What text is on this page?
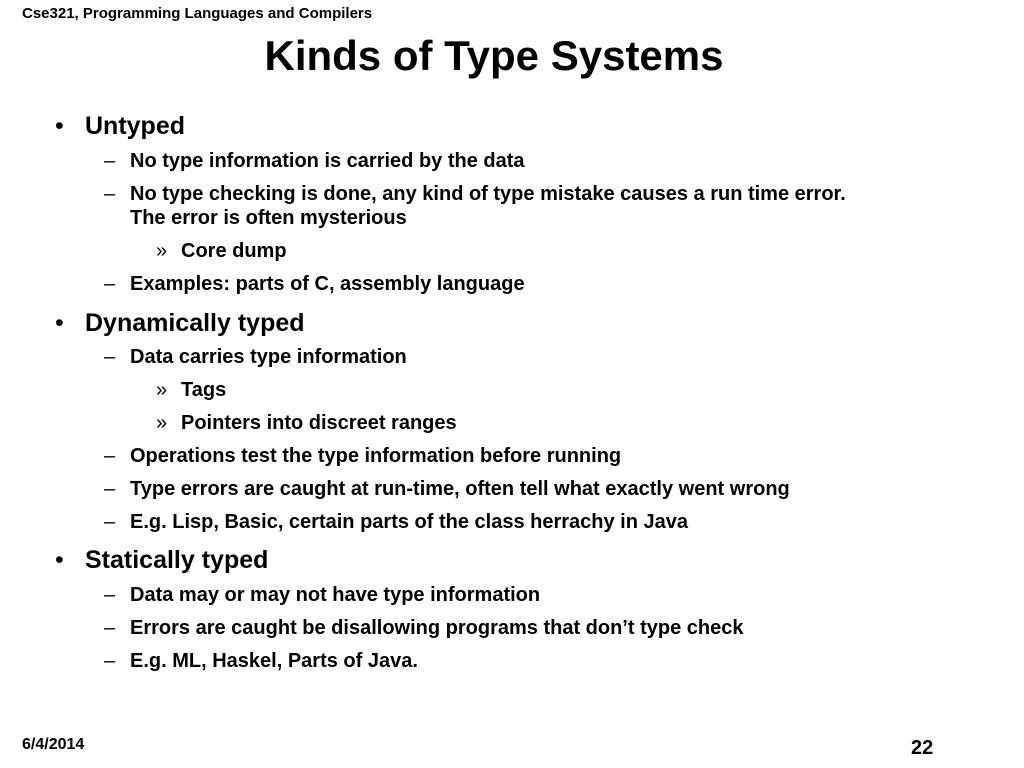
Cse321, Programming Languages and Compilers
Kinds of Type Systems
• Untyped
– No type information is carried by the data
– No type checking is done, any kind of type mistake causes a run time error.
The error is often mysterious
» Core dump
– Examples: parts of C, assembly language
• Dynamically typed
– Data carries type information
» Tags
» Pointers into discreet ranges
– Operations test the type information before running
– Type errors are caught at run-time, often tell what exactly went wrong
– E.g. Lisp, Basic, certain parts of the class herrachy in Java
• Statically typed
– Data may or may not have type information
– Errors are caught be disallowing programs that don’t type check
– E.g. ML, Haskel, Parts of Java.
6/4/2014	22
